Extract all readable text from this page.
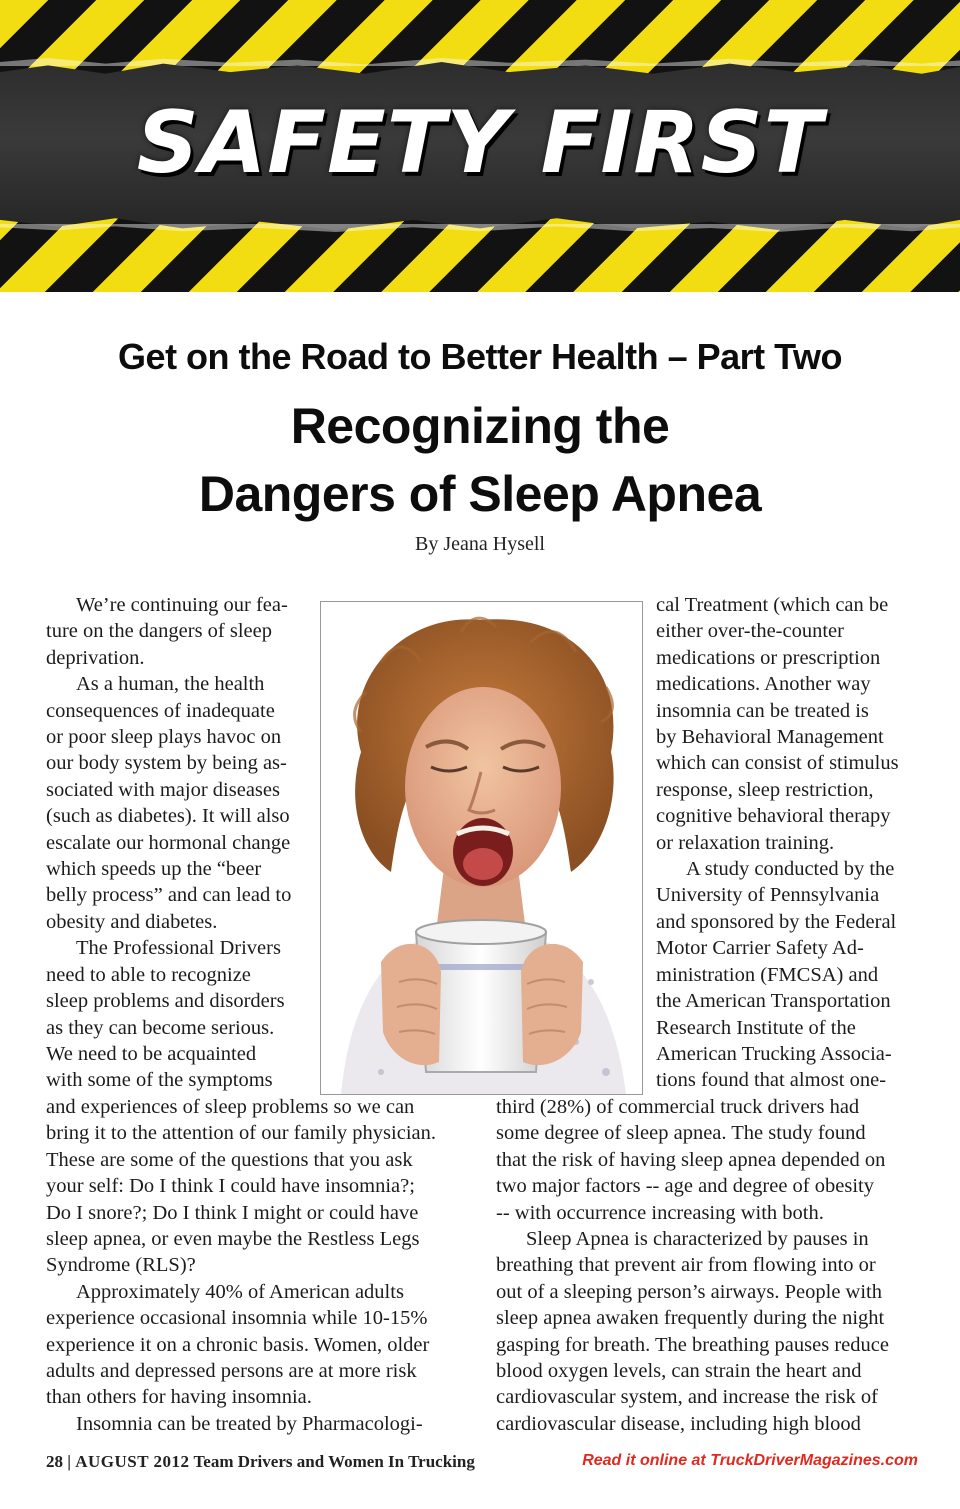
SAFETY FIRST
Get on the Road to Better Health – Part Two
Recognizing the
Dangers of Sleep Apnea
By Jeana Hysell
We’re continuing our fea-
ture on the dangers of sleep
deprivation.
As a human, the health
consequences of inadequate
or poor sleep plays havoc on
our body system by being as-
sociated with major diseases
(such as diabetes). It will also
escalate our hormonal change
which speeds up the “beer
belly process” and can lead to
obesity and diabetes.
The Professional Drivers
need to able to recognize
sleep problems and disorders
as they can become serious.
We need to be acquainted
with some of the symptoms
and experiences of sleep problems so we can
bring it to the attention of our family physician.
These are some of the questions that you ask
your self: Do I think I could have insomnia?;
Do I snore?; Do I think I might or could have
sleep apnea, or even maybe the Restless Legs
Syndrome (RLS)?
Approximately 40% of American adults
experience occasional insomnia while 10-15%
experience it on a chronic basis. Women, older
adults and depressed persons are at more risk
than others for having insomnia.
Insomnia can be treated by Pharmacologi-
cal Treatment (which can be
either over-the-counter
medications or prescription
medications. Another way
insomnia can be treated is
by Behavioral Management
which can consist of stimulus
response, sleep restriction,
cognitive behavioral therapy
or relaxation training.
A study conducted by the
University of Pennsylvania
and sponsored by the Federal
Motor Carrier Safety Ad-
ministration (FMCSA) and
the American Transportation
Research Institute of the
American Trucking Associa-
tions found that almost one-
third (28%) of commercial truck drivers had
some degree of sleep apnea. The study found
that the risk of having sleep apnea depended on
two major factors -- age and degree of obesity
-- with occurrence increasing with both.
Sleep Apnea is characterized by pauses in
breathing that prevent air from flowing into or
out of a sleeping person’s airways. People with
sleep apnea awaken frequently during the night
gasping for breath. The breathing pauses reduce
blood oxygen levels, can strain the heart and
cardiovascular system, and increase the risk of
cardiovascular disease, including high blood
28 | AUGUST 2012 Team Drivers and Women In Trucking	Read it online at TruckDriverMagazines.com
